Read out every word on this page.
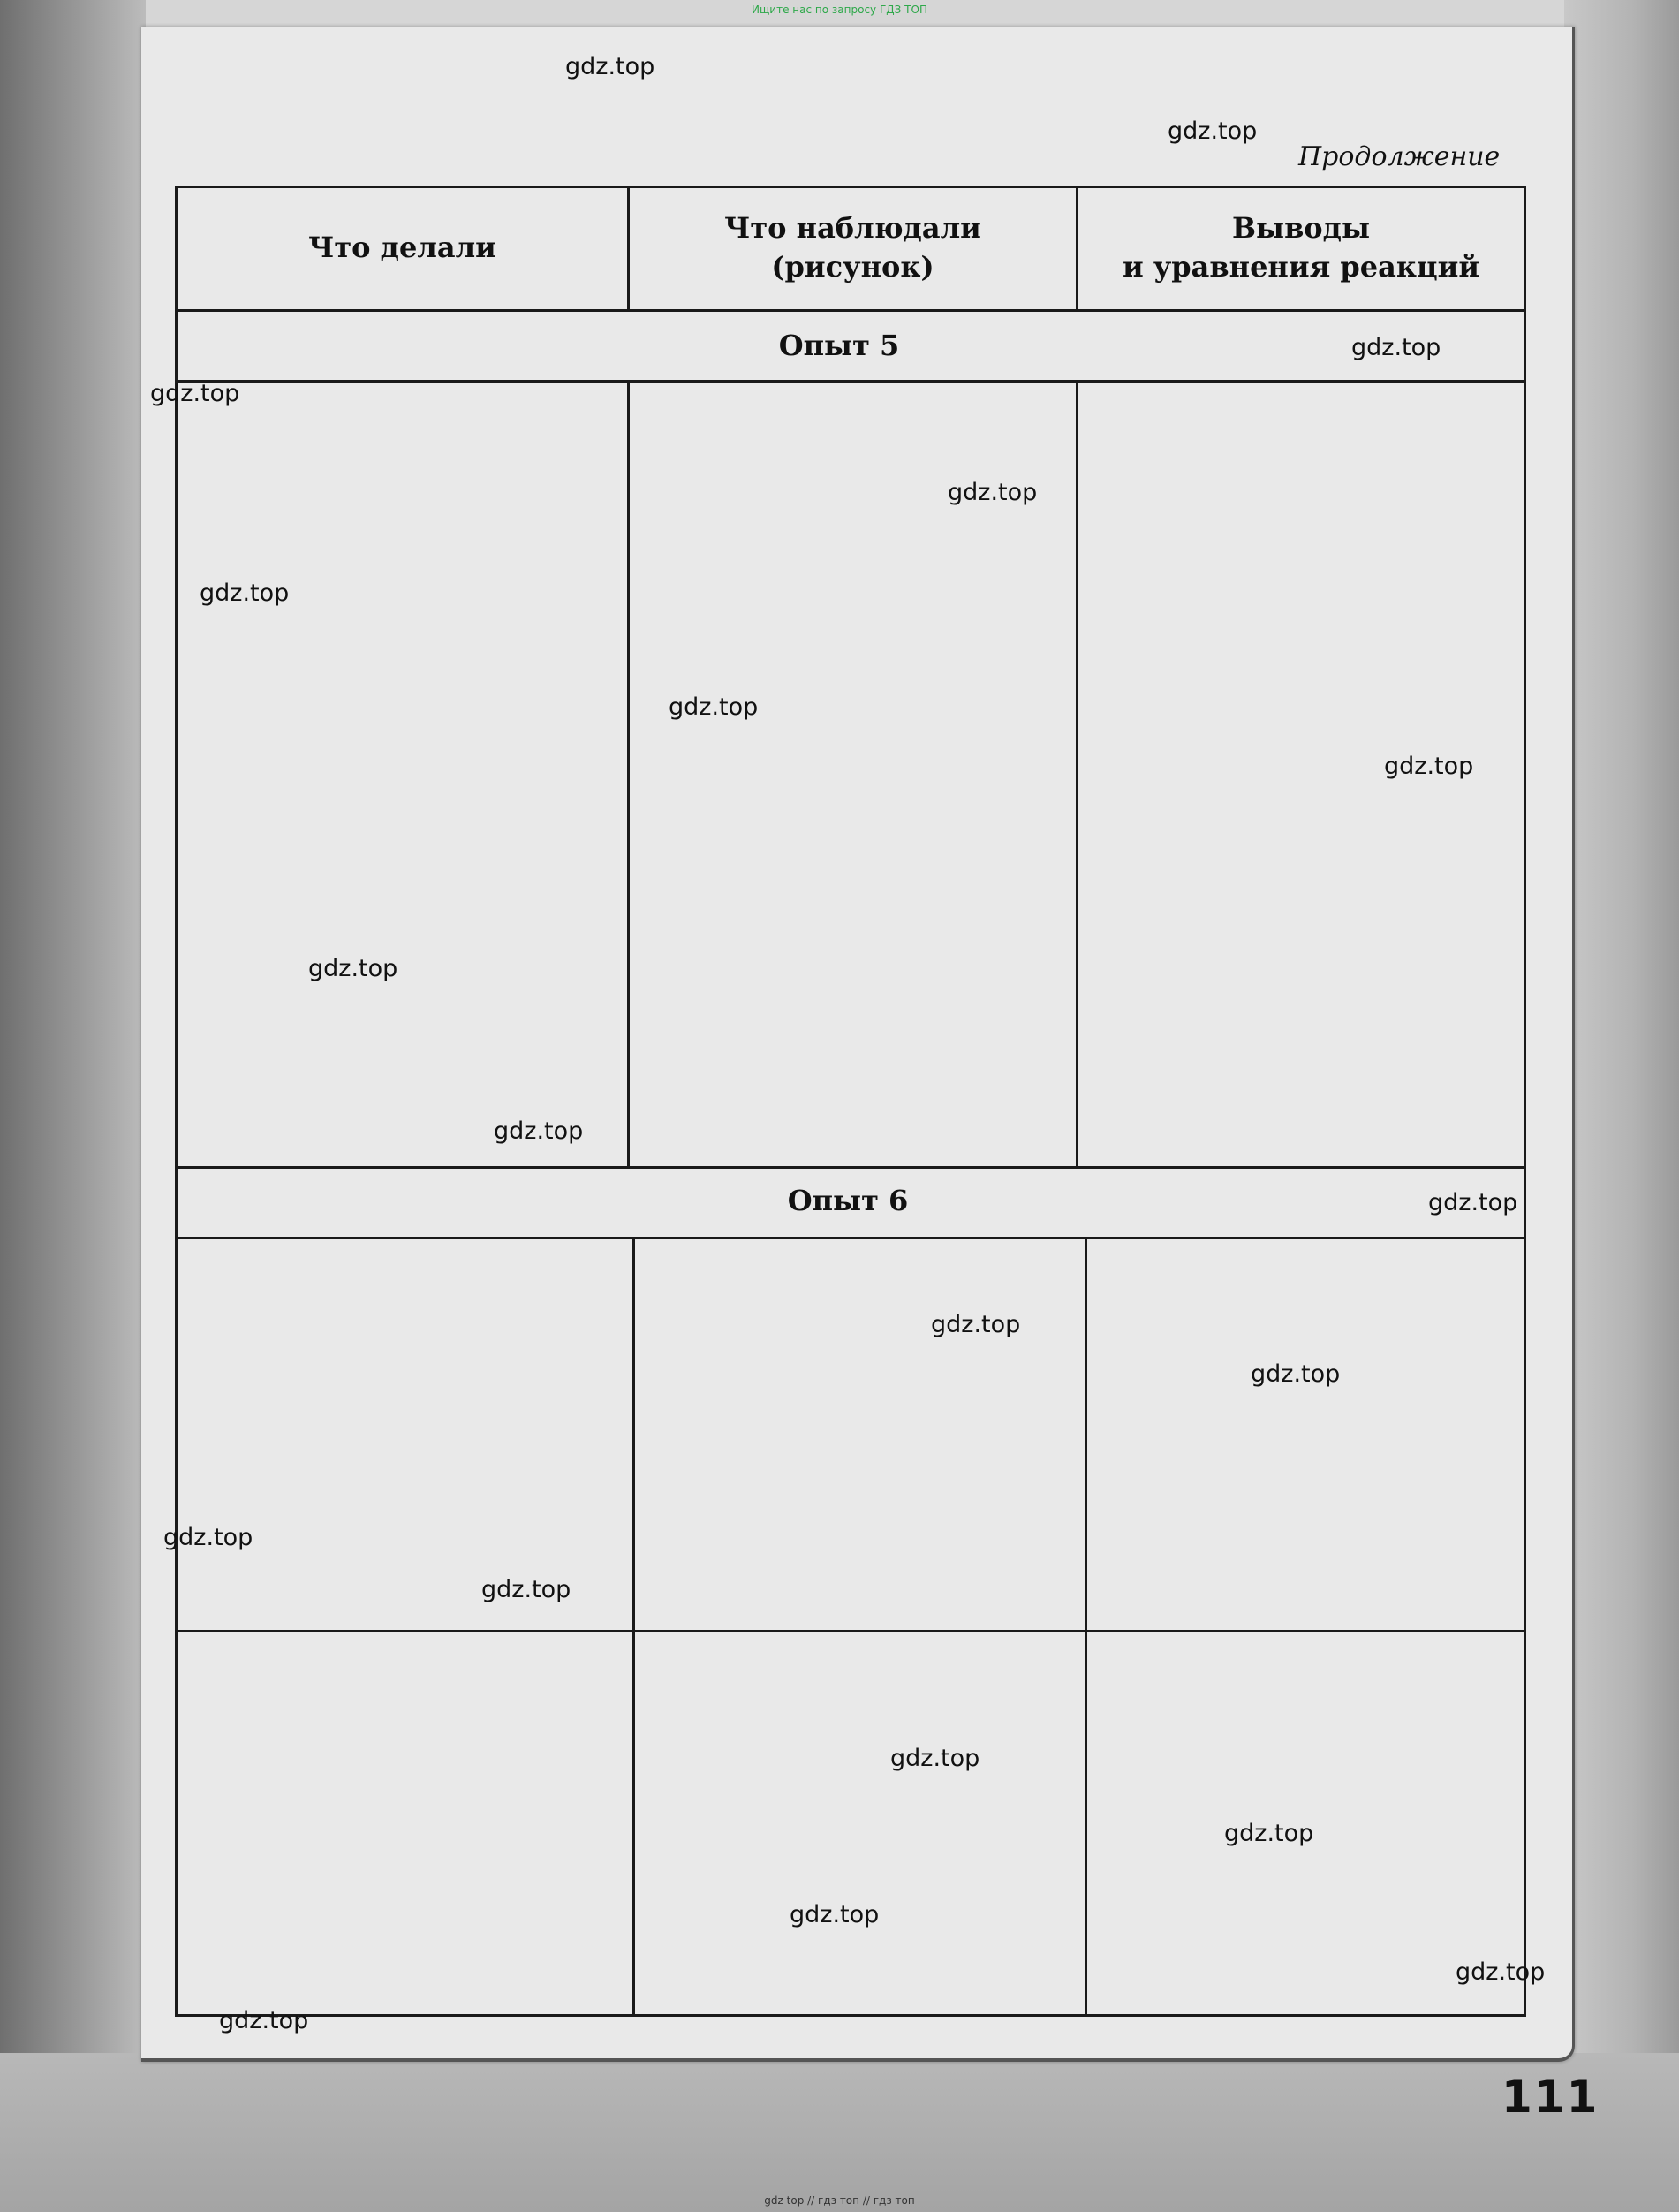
Ищите нас по запросу ГДЗ ТОП
Продолжение
Что делали
Что наблюдали
(рисунок)
Выводы
и уравнения реакций
Опыт 5
Опыт 6
gdz.top
gdz.top
gdz.top
gdz.top
gdz.top
gdz.top
gdz.top
gdz.top
gdz.top
gdz.top
gdz.top
gdz.top
gdz.top
gdz.top
gdz.top
gdz.top
gdz.top
gdz.top
gdz.top
gdz.top
111
gdz top // гдз топ // гдз топ
